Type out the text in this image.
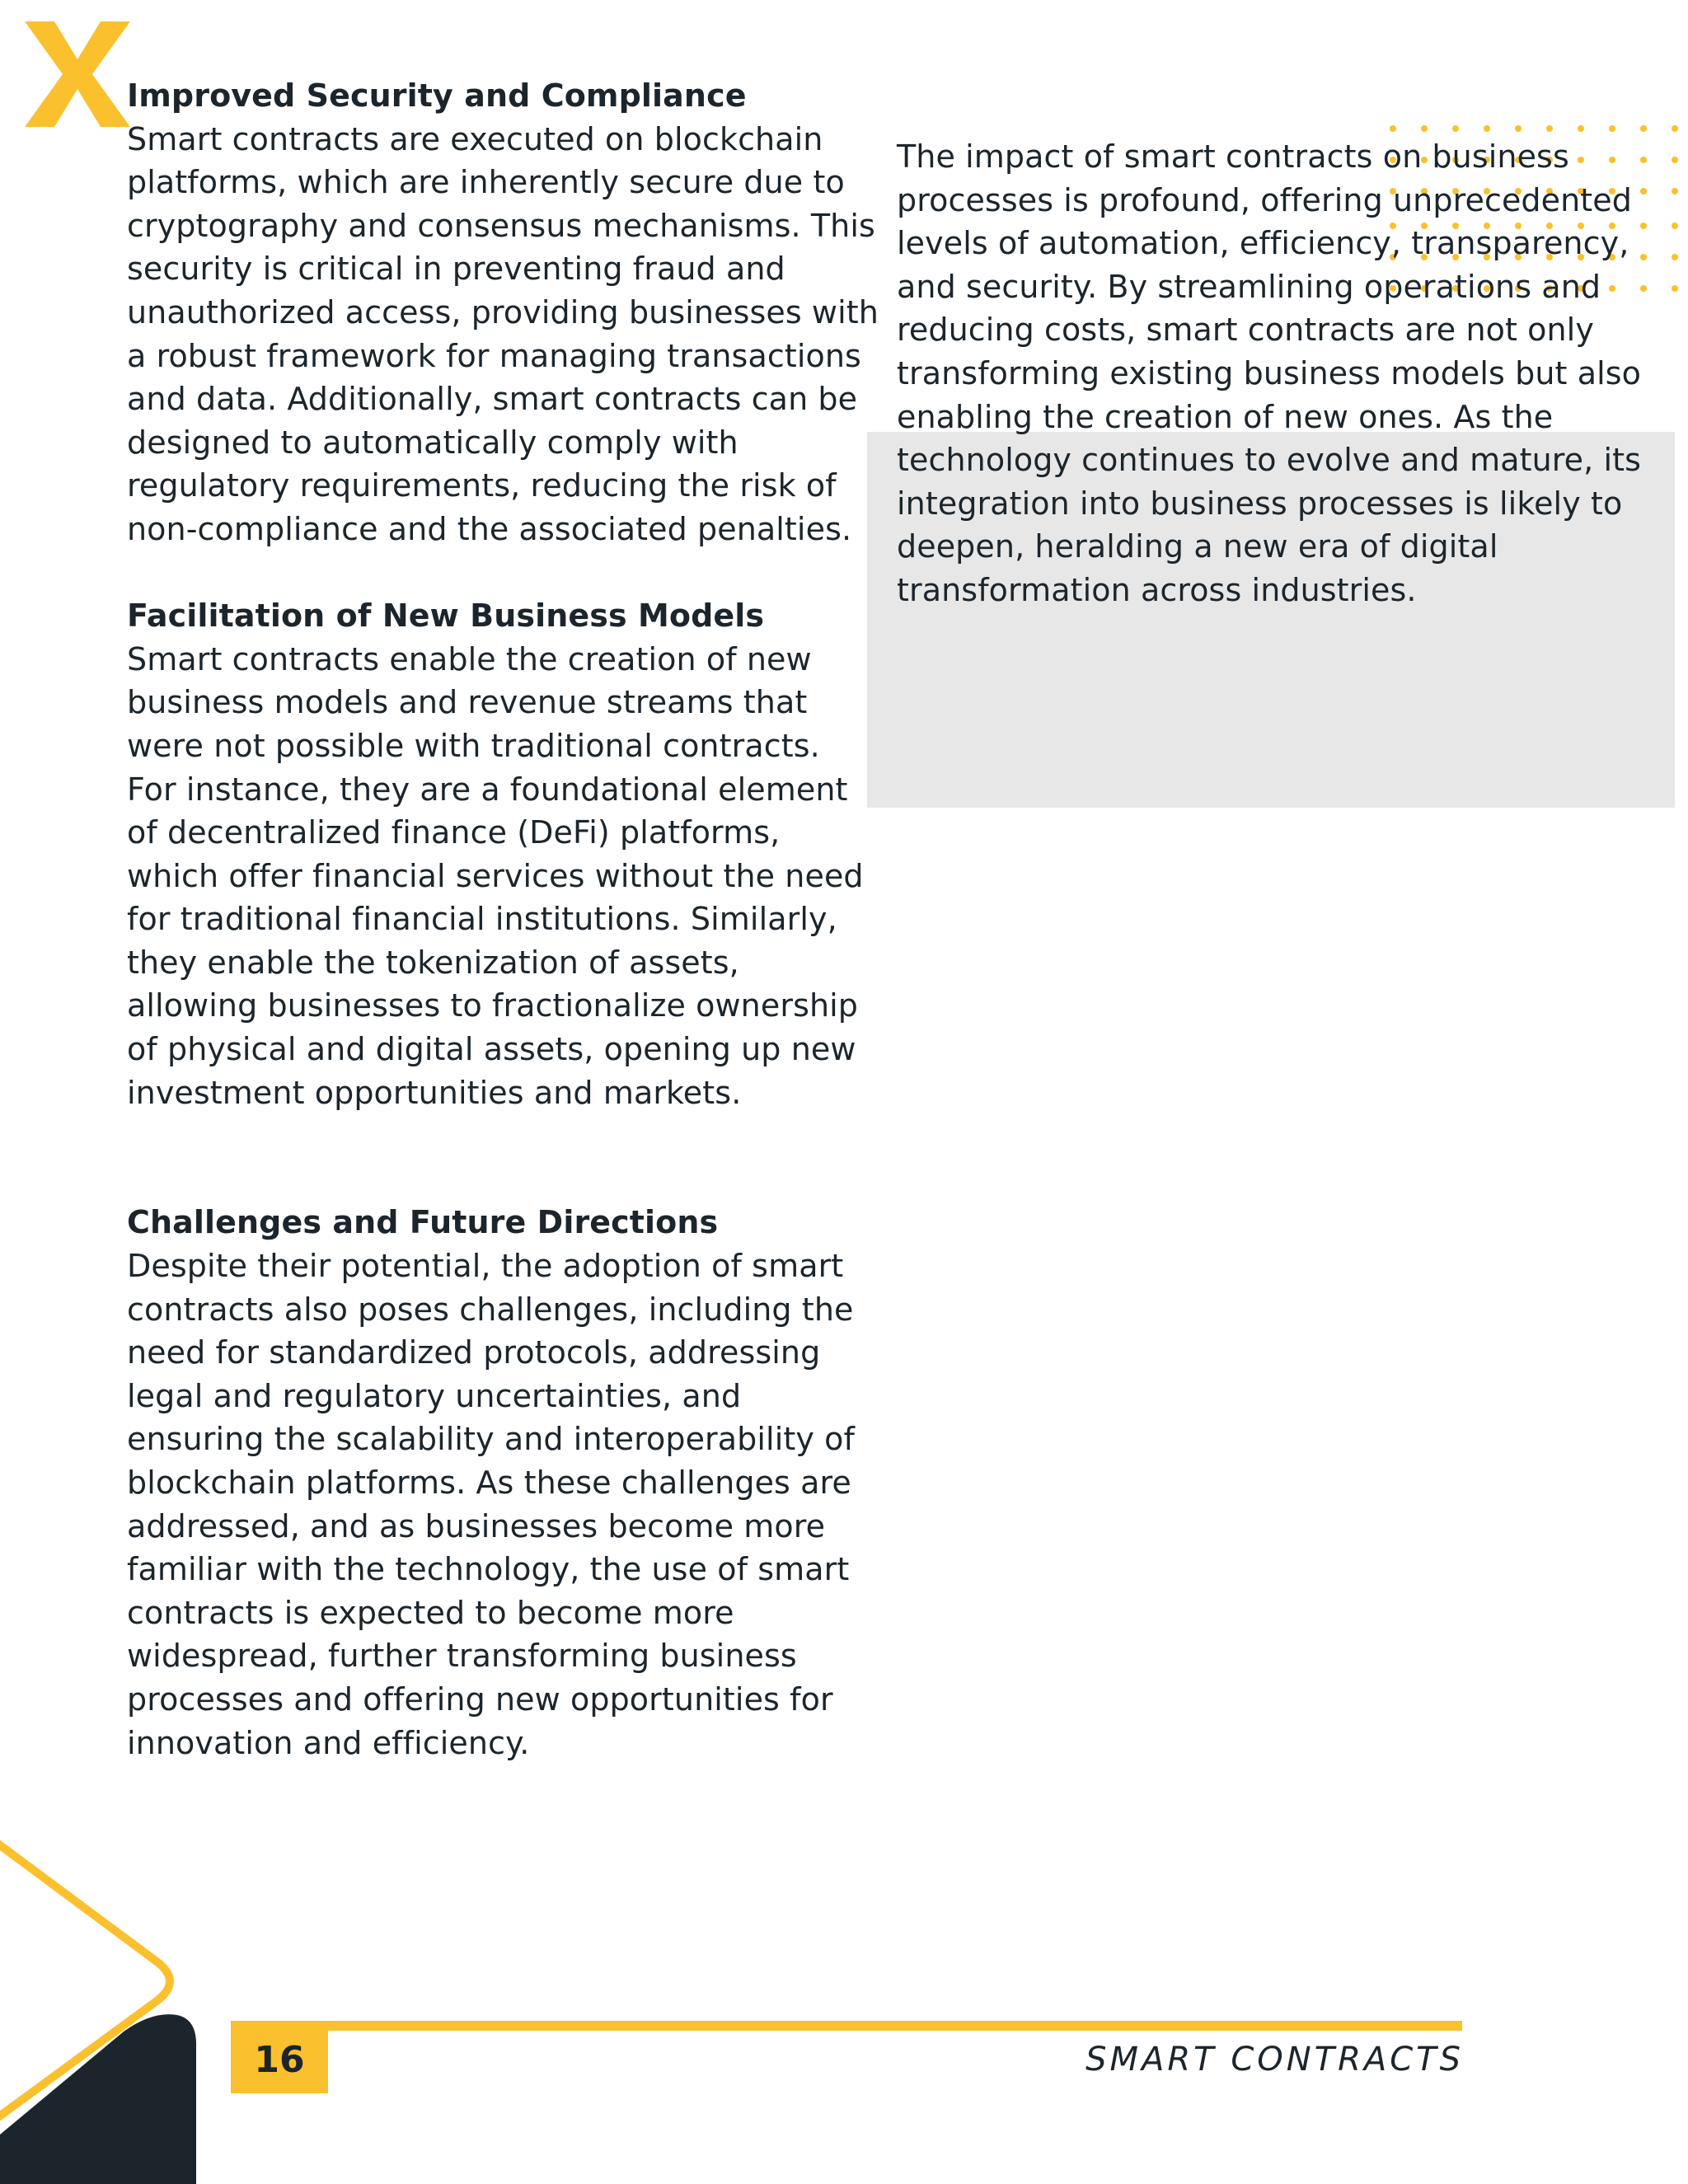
Improved Security and Compliance
Smart contracts are executed on blockchain
platforms, which are inherently secure due to
cryptography and consensus mechanisms. This
security is critical in preventing fraud and
unauthorized access, providing businesses with
a robust framework for managing transactions
and data. Additionally, smart contracts can be
designed to automatically comply with
regulatory requirements, reducing the risk of
non-compliance and the associated penalties.
Facilitation of New Business Models
Smart contracts enable the creation of new
business models and revenue streams that
were not possible with traditional contracts.
For instance, they are a foundational element
of decentralized finance (DeFi) platforms,
which offer financial services without the need
for traditional financial institutions. Similarly,
they enable the tokenization of assets,
allowing businesses to fractionalize ownership
of physical and digital assets, opening up new
investment opportunities and markets.
Challenges and Future Directions
Despite their potential, the adoption of smart
contracts also poses challenges, including the
need for standardized protocols, addressing
legal and regulatory uncertainties, and
ensuring the scalability and interoperability of
blockchain platforms. As these challenges are
addressed, and as businesses become more
familiar with the technology, the use of smart
contracts is expected to become more
widespread, further transforming business
processes and offering new opportunities for
innovation and efficiency.
The impact of smart contracts on business
processes is profound, offering unprecedented
levels of automation, efficiency, transparency,
and security. By streamlining operations and
reducing costs, smart contracts are not only
transforming existing business models but also
enabling the creation of new ones. As the
technology continues to evolve and mature, its
integration into business processes is likely to
deepen, heralding a new era of digital
transformation across industries.
16	SMART CONTRACTS
